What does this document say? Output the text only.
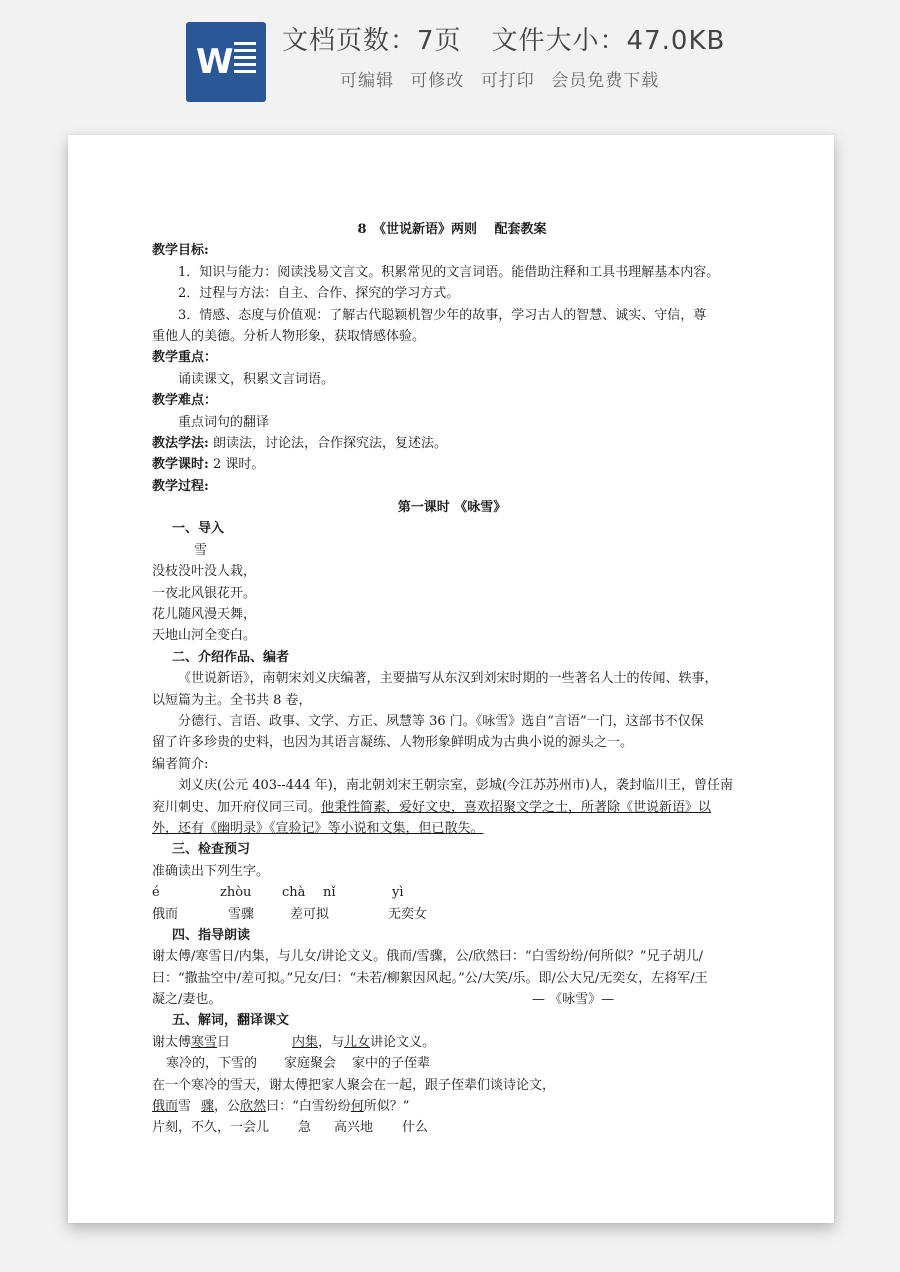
W
文档页数：7页 文件大小：47.0KB
可编辑 可修改 可打印 会员免费下载
8　《世说新语》两则　 配套教案
教学目标:
1．知识与能力：阅读浅易文言文。积累常见的文言词语。能借助注释和工具书理解基本内容。
2．过程与方法：自主、合作、探究的学习方式。
3．情感、态度与价值观：了解古代聪颖机智少年的故事，学习古人的智慧、诚实、守信，尊
重他人的美德。分析人物形象，获取情感体验。
教学重点：
诵读课文，积累文言词语。
教学难点：
重点词句的翻译
教法学法: 朗读法，讨论法，合作探究法，复述法。
教学课时: 2 课时。
教学过程:
第一课时 《咏雪》
一、导入
雪
没枝没叶没人栽，
一夜北风银花开。
花儿随风漫天舞，
天地山河全变白。
二、介绍作品、编者
《世说新语》，南朝宋刘义庆编著，主要描写从东汉到刘宋时期的一些著名人士的传闻、轶事，
以短篇为主。全书共 8 卷，
分德行、言语、政事、文学、方正、夙慧等 36 门。《咏雪》选自“言语”一门，这部书不仅保
留了许多珍贵的史料，也因为其语言凝练、人物形象鲜明成为古典小说的源头之一。
编者简介:
刘义庆(公元 403--444 年)，南北朝刘宋王朝宗室，彭城(今江苏苏州市)人，袭封临川王，曾任南
兖川刺史、加开府仪同三司。他秉性简素，爱好文史，喜欢招聚文学之士，所著除《世说新语》以
外，还有《幽明录》《宣验记》等小说和文集，但已散失。
三、检查预习
准确读出下列生字。
é	zhòu chà nǐ	yì
俄而	雪骤	差可拟	无奕女
四、指导朗读
谢太傅/寒雪日/内集，与儿女/讲论文义。俄而/雪骤，公/欣然曰：“白雪纷纷/何所似？”兄子胡儿/
曰：“撒盐空中/差可拟。”兄女/曰：“未若/柳絮因风起。”公/大笑/乐。即/公大兄/无奕女，左将军/王
凝之/妻也。	— 《咏雪》—
五、解词，翻译课文
谢太傅寒雪日	内集，与儿女讲论文义。
寒冷的，下雪的 家庭聚会 家中的子侄辈
在一个寒冷的雪天，谢太傅把家人聚会在一起，跟子侄辈们谈诗论文，
俄而雪 骤，公欣然曰：“白雪纷纷何所似？”
片刻，不久，一会儿 急 高兴地 什么
